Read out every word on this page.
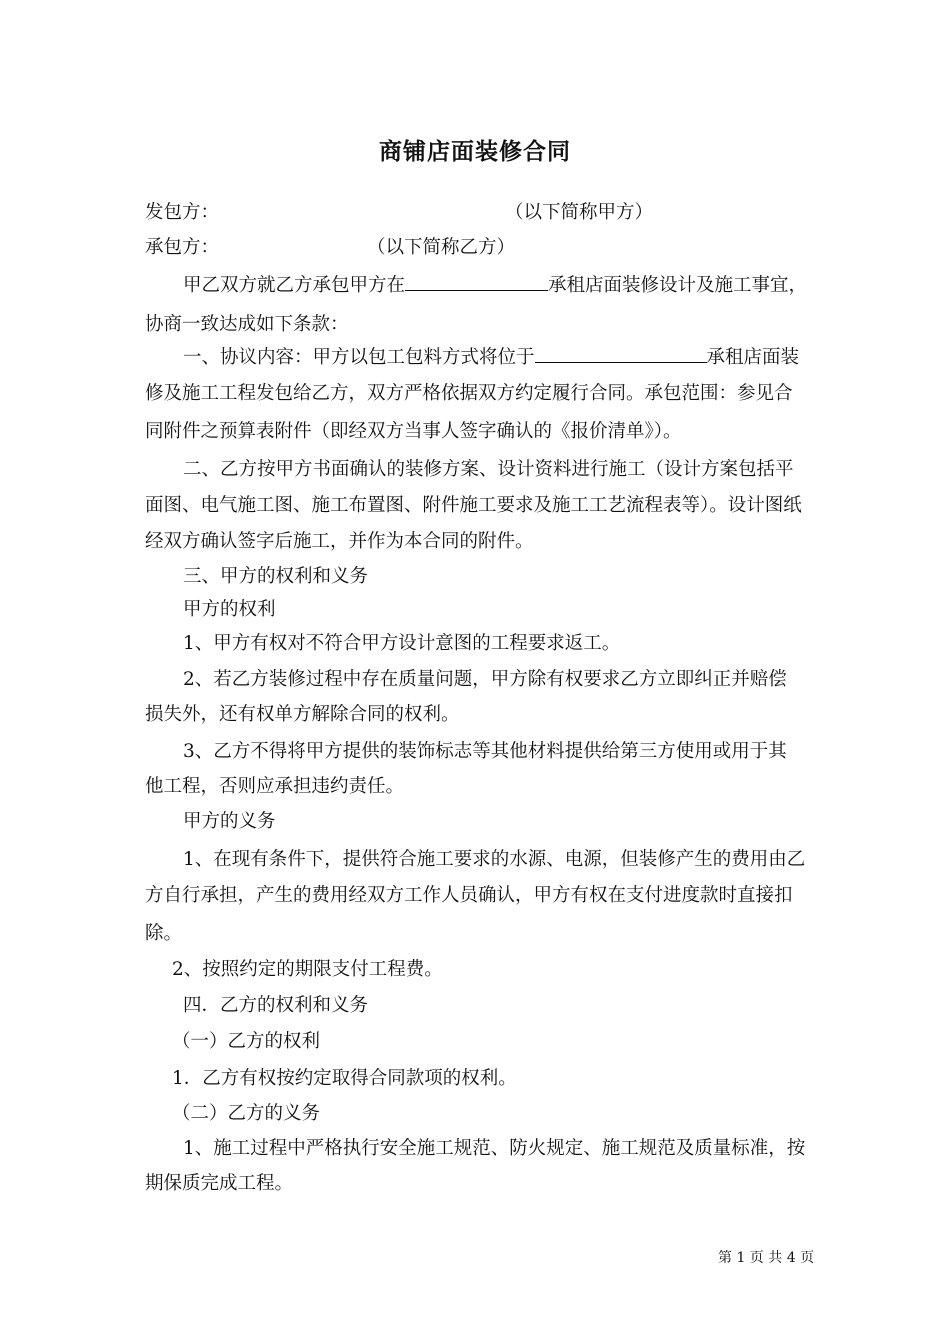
商铺店面装修合同
发包方：	（以下简称甲方）
承包方：	（以下简称乙方）
甲乙双方就乙方承包甲方在	承租店面装修设计及施工事宜，
协商一致达成如下条款：
一、协议内容：甲方以包工包料方式将位于	承租店面装
修及施工工程发包给乙方，双方严格依据双方约定履行合同。承包范围：参见合
同附件之预算表附件（即经双方当事人签字确认的《报价清单》）。
二、乙方按甲方书面确认的装修方案、设计资料进行施工（设计方案包括平
面图、电气施工图、施工布置图、附件施工要求及施工工艺流程表等）。设计图纸
经双方确认签字后施工，并作为本合同的附件。
三、甲方的权利和义务
甲方的权利
1、甲方有权对不符合甲方设计意图的工程要求返工。
2、若乙方装修过程中存在质量问题，甲方除有权要求乙方立即纠正并赔偿
损失外，还有权单方解除合同的权利。
3、乙方不得将甲方提供的装饰标志等其他材料提供给第三方使用或用于其
他工程，否则应承担违约责任。
甲方的义务
1、在现有条件下，提供符合施工要求的水源、电源，但装修产生的费用由乙
方自行承担，产生的费用经双方工作人员确认，甲方有权在支付进度款时直接扣
除。
2、按照约定的期限支付工程费。
四．乙方的权利和义务
（一）乙方的权利
1．乙方有权按约定取得合同款项的权利。
（二）乙方的义务
1、施工过程中严格执行安全施工规范、防火规定、施工规范及质量标准，按
期保质完成工程。
第 1 页 共 4 页
